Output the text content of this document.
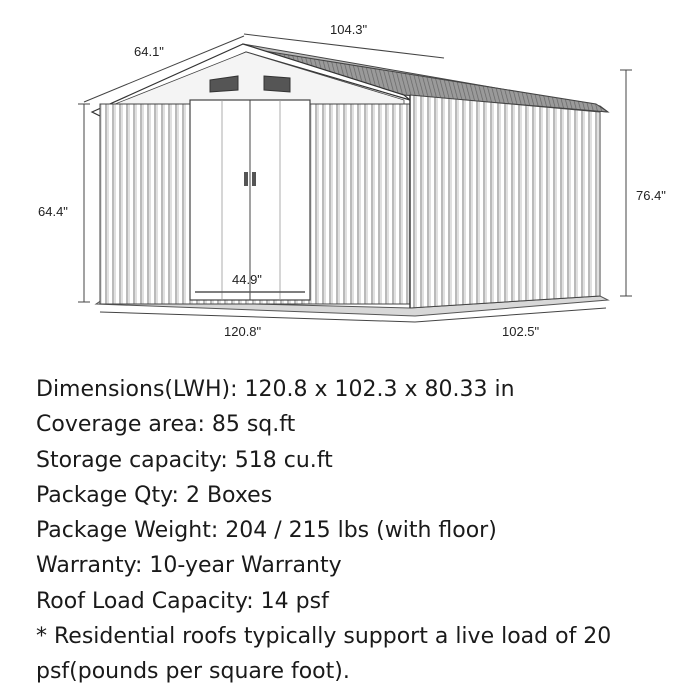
104.3"
64.1"
64.4"
76.4"
44.9"
120.8"	102.5"
Dimensions(LWH): 120.8 x 102.3 x 80.33 in
Coverage area: 85 sq.ft
Storage capacity: 518 cu.ft
Package Qty: 2 Boxes
Package Weight: 204 / 215 lbs (with floor)
Warranty: 10-year Warranty
Roof Load Capacity: 14 psf
* Residential roofs typically support a live load of 20 psf(pounds per square foot).
